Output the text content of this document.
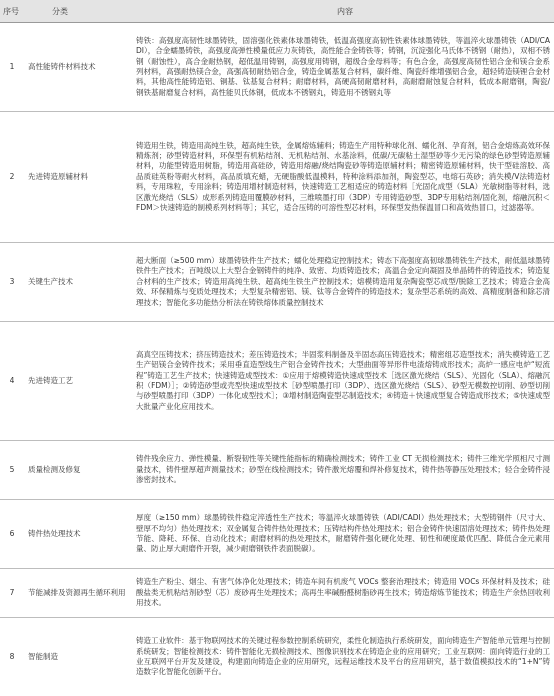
序号	分类	内容
1	高性能铸件材料技术	铸铁：高强度高韧性球墨铸铁，固溶强化铁素体球墨铸铁，低温高强度高韧性铁素体球墨铸铁，等温淬火球墨铸铁（ADI/CADI），合金蠕墨铸铁，高强度高弹性模量低应力灰铸铁，高性能合金铸铁等；铸钢，沉淀强化马氏体不锈钢（耐热），双相不锈钢（耐蚀性），高合金耐热钢，超低温用铸钢，高强度用铸钢，超级合金母料等；有色合金，高强度高韧性铝合金和镁合金系列材料，高强耐热镁合金，高强高韧耐热铝合金，铸造金属基复合材料，碳纤维、陶瓷纤维增强铝合金，超轻铸造镁锂合金材料，其他高性能铸造铝、铜基、钛基复合材料；耐磨材料，高硬高韧耐磨材料，高耐磨耐蚀复合材料，低成本耐磨钢，陶瓷/钢铁基耐磨复合材料，高性能贝氏体钢，低成本不锈钢丸，铸造用不锈钢丸等
2	先进铸造原辅材料	铸造用生铁，铸造用高纯生铁，超高纯生铁，金属熔炼辅料；铸造生产用特种球化剂、蠕化剂、孕育剂，铝合金熔炼高效环保精炼剂；砂型铸造材料，环保型有机粘结剂、无机粘结剂、水基涂料，低碳/无碳粘土湿型砂等少无污染的绿色砂型铸造原辅材料，功能型铸造用树脂，铸造用高硅砂，铸造用熔融/烧结陶瓷砂等铸造原辅材料；精密铸造原辅材料，快干型硅溶胶、高品质硅英粉等耐火材料，高品质填充蜡，无硬脂酸低温模料，特种涂料添加剂，陶瓷型芯，电熔石英砂；消失模/V法铸造材料，专用珠粒，专用涂料；铸造用增材制造材料，快速铸造工艺相适应的铸造材料［光固化成型（SLA）光敏树脂等材料，选区激光烧结（SLS）成形系列铸造用覆膜砂材料，三维喷墨打印（3DP）专用铸造砂型、3DP专用粘结剂/固化剂，熔融沉积＜FDM＞快速铸造的制模系列材料等］；其它，适合压铸的可溶性型芯材料，环保型发热保温冒口和高效热冒口，过滤器等。
3	关键生产技术	超大断面（≥500 mm）球墨铸铁件生产技术；蠕化处理稳定控制技术；铸态下高强度高韧球墨铸铁生产技术，耐低温球墨铸铁件生产技术；百吨级以上大型合金钢铸件的纯净、致密、均质铸造技术；高温合金定向凝固及单晶铸件的铸造技术；铸造复合材料的生产技术；铸造用高纯生铁、超高纯生铁生产控制技术；熔模铸造用复杂陶瓷型芯成型/脱除工艺技术；铸造合金高效、环保精炼与变质处理技术；大型复杂精密铝、镁、钛等合金铸件的铸造技术；复杂型芯系统的高效、高精度制备和除芯清理技术；智能化多功能热分析法在铸铁熔体质量控制技术
4	先进铸造工艺	高真空压铸技术；挤压铸造技术；差压铸造技术；半固浆料制备及半固态高压铸造技术；精密组芯造型技术；消失模铸造工艺生产铝镁合金铸件技术；采用垂直造型线生产铝合金铸件技术；大型曲面等异形件电渣熔铸成形技术；高炉一感应电炉“短流程”铸造工艺生产技术；快速铸造成型技术：①应用于熔模铸造快速成型技术［选区激光烧结（SLS）、光固化（SLA）、熔融沉积（FDM）］；②铸造砂型或壳型快速成型技术［砂型喷墨打印（3DP）、选区激光烧结（SLS）、砂型无模数控切削、砂型切削与砂型喷墨打印（3DP）一体化成型技术］；③增材制造陶瓷型芯制造技术；④铸造＋快速成型复合铸造成形技术；⑤快速成型大批量产业化应用技术。
5	质量检测及修复	铸件残余应力、弹性模量、断裂韧性等关键性能指标的精确检测技术；铸件工业 CT 无损检测技术；铸件三维光学照相尺寸测量技术，铸件壁厚超声测量技术；砂型在线检测技术；铸件激光熔覆和焊补修复技术，铸件热等静压处理技术；轻合金铸件浸渗密封技术。
6	铸件热处理技术	厚度（≥150 mm）球墨铸铁件稳定淬透性生产技术；等温淬火球墨铸铁（ADI/CADI）热处理技术；大型铸钢件（尺寸大、壁厚不均匀）热处理技术；双金属复合铸件热处理技术；压铸结构件热处理技术；铝合金铸件快速固溶处理技术；铸件热处理节能、降耗、环保、自动化技术；耐磨材料的热处理技术，耐磨铸件强化硬化处理、韧性和硬度最优匹配、降低合金元素用量、防止厚大耐磨件开裂，减少耐磨钢铁件表面脱碳）。
7	节能减排及资源再生循环利用	铸造生产粉尘、烟尘、有害气体净化处理技术；铸造车间有机废气 VOCs 整套治理技术；铸造用 VOCs 环保材料及技术；硅酸盐类无机粘结剂砂型（芯）废砂再生处理技术；高再生率碱酚醛树脂砂再生技术；铸造熔炼节能技术；铸造生产余热回收利用技术。
8	智能制造	铸造工业软件：基于物联网技术的关键过程参数控制系统研究，柔性化制造执行系统研发，面向铸造生产智能单元管理与控制系统研发；智能检测技术：铸件智能化无损检测技术、图像识别技术在铸造企业的应用研究；工业互联网：面向铸造行业的工业互联网平台开发及建设，构建面向铸造企业的应用研究，远程运维技术及平台的应用研究，基于数值模拟技术的“1+N”铸造数字化智能化创新平台。
